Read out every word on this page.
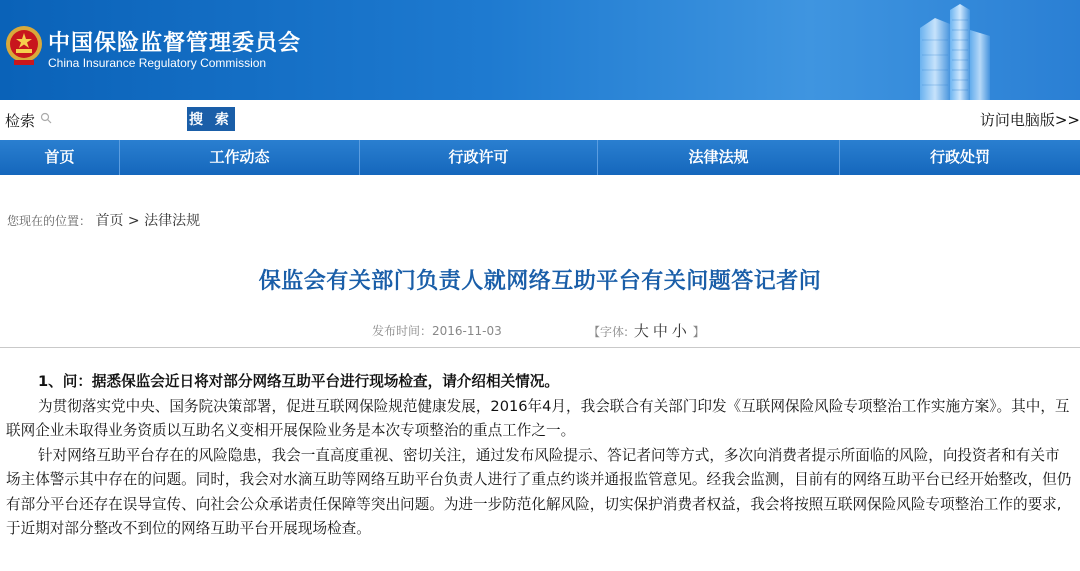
中国保险监督管理委员会
China Insurance Regulatory Commission
检索	搜 索	访问电脑版>>
首页	工作动态	行政许可	法律法规	行政处罚
您现在的位置： 首页 > 法律法规
保监会有关部门负责人就网络互助平台有关问题答记者问
发布时间：2016-11-03	【字体: 大 中 小 】

1、问：据悉保监会近日将对部分网络互助平台进行现场检查，请介绍相关情况。

为贯彻落实党中央、国务院决策部署，促进互联网保险规范健康发展，2016年4月，我会联合有关部门印发《互联网保险风险专项整治工作实施方案》。其中，互联网企业未取得业务资质以互助名义变相开展保险业务是本次专项整治的重点工作之一。

针对网络互助平台存在的风险隐患，我会一直高度重视、密切关注，通过发布风险提示、答记者问等方式，多次向消费者提示所面临的风险，向投资者和有关市场主体警示其中存在的问题。同时，我会对水滴互助等网络互助平台负责人进行了重点约谈并通报监管意见。经我会监测，目前有的网络互助平台已经开始整改，但仍有部分平台还存在误导宣传、向社会公众承诺责任保障等突出问题。为进一步防范化解风险，切实保护消费者权益，我会将按照互联网保险风险专项整治工作的要求,于近期对部分整改不到位的网络互助平台开展现场检查。
